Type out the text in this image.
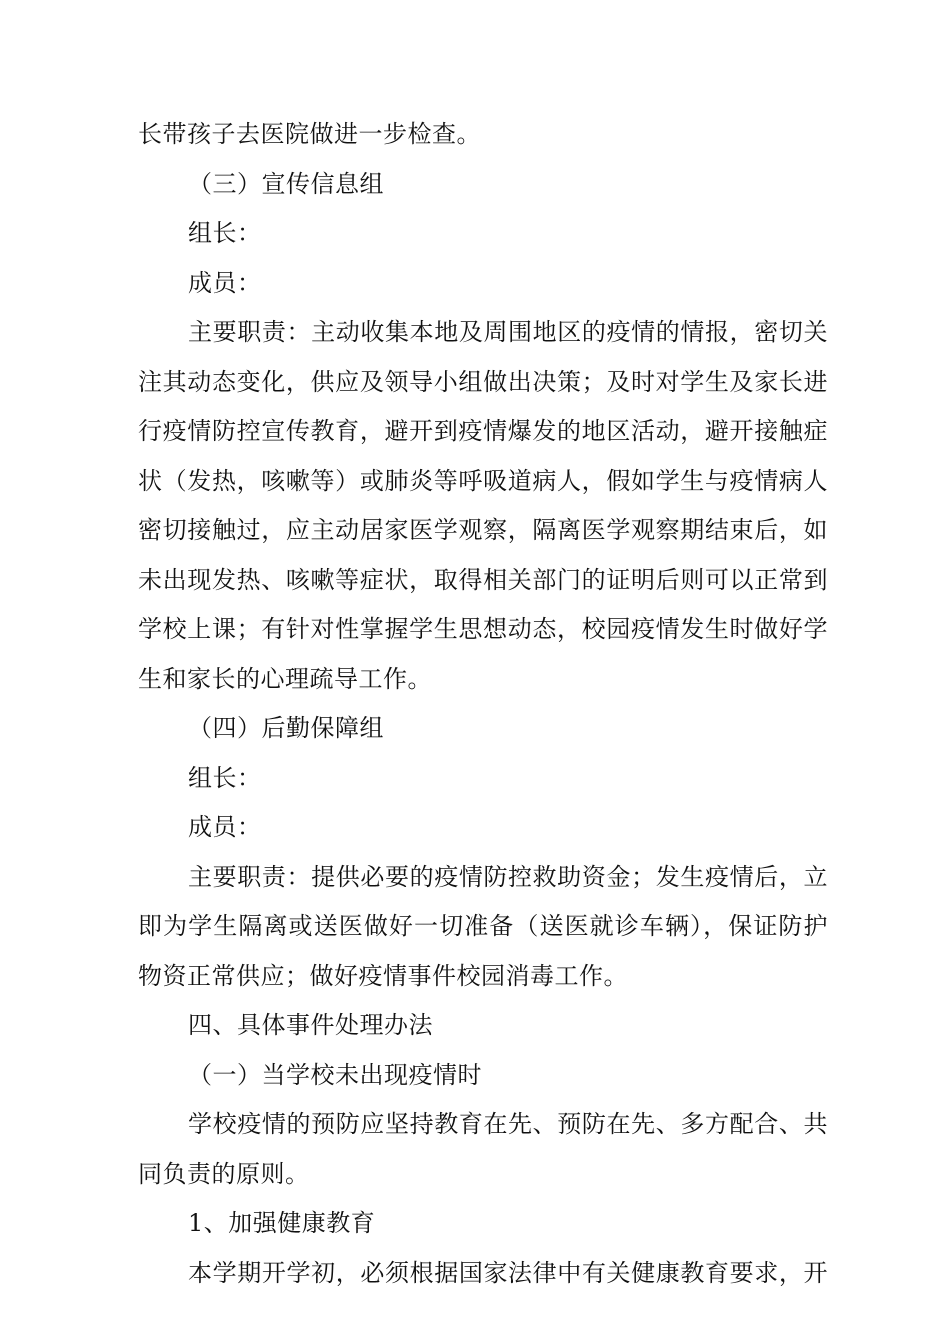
长带孩子去医院做进一步检查。

（三）宣传信息组

组长：

成员：

主要职责：主动收集本地及周围地区的疫情的情报，密切关

注其动态变化，供应及领导小组做出决策；及时对学生及家长进

行疫情防控宣传教育，避开到疫情爆发的地区活动，避开接触症

状（发热，咳嗽等）或肺炎等呼吸道病人，假如学生与疫情病人

密切接触过，应主动居家医学观察，隔离医学观察期结束后，如

未出现发热、咳嗽等症状，取得相关部门的证明后则可以正常到

学校上课；有针对性掌握学生思想动态，校园疫情发生时做好学

生和家长的心理疏导工作。

（四）后勤保障组

组长：

成员：

主要职责：提供必要的疫情防控救助资金；发生疫情后，立

即为学生隔离或送医做好一切准备（送医就诊车辆），保证防护

物资正常供应；做好疫情事件校园消毒工作。

四、具体事件处理办法

（一）当学校未出现疫情时

学校疫情的预防应坚持教育在先、预防在先、多方配合、共

同负责的原则。

1、加强健康教育

本学期开学初，必须根据国家法律中有关健康教育要求，开
